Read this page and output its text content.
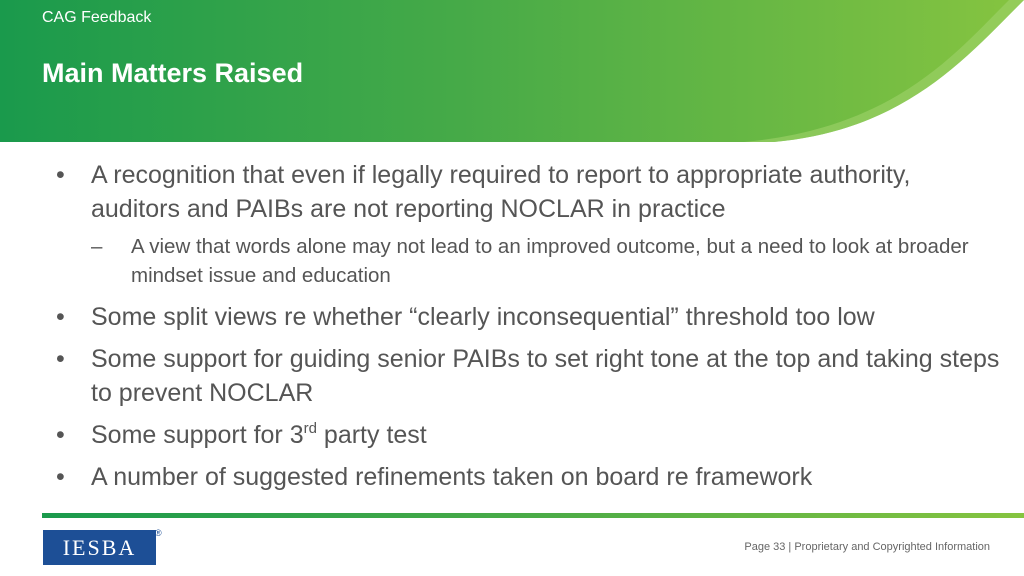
CAG Feedback
Main Matters Raised
• A recognition that even if legally required to report to appropriate authority, auditors and PAIBs are not reporting NOCLAR in practice
– A view that words alone may not lead to an improved outcome, but a need to look at broader mindset issue and education
• Some split views re whether “clearly inconsequential” threshold too low
• Some support for guiding senior PAIBs to set right tone at the top and taking steps to prevent NOCLAR
• Some support for 3rd party test
• A number of suggested refinements taken on board re framework
IESBA
®
Page 33 | Proprietary and Copyrighted Information
